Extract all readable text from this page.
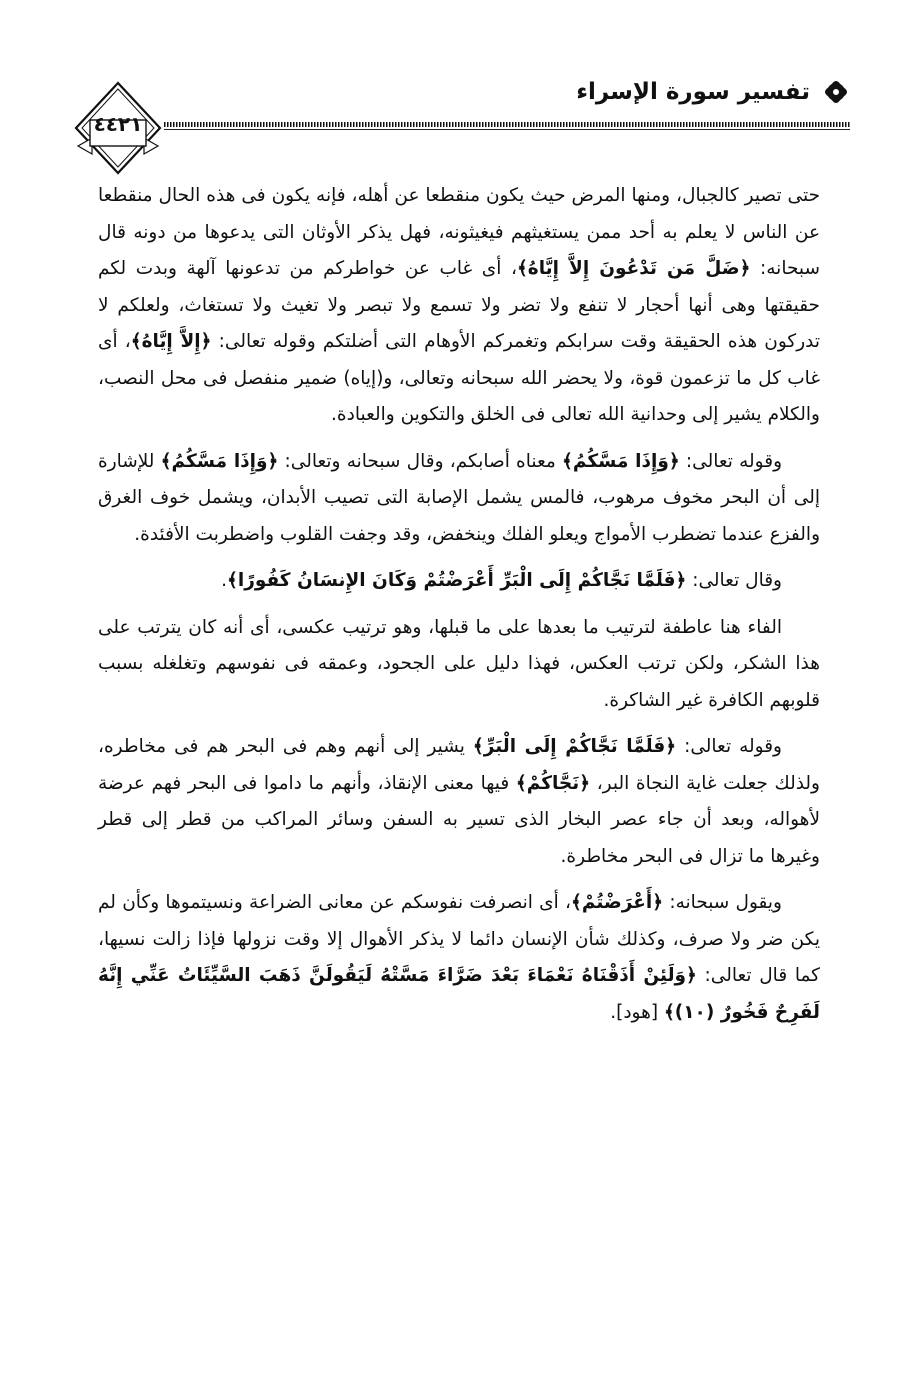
تفسير سورة الإسراء
٤٤٢١

حتى تصير كالجبال، ومنها المرض حيث يكون منقطعا عن أهله، فإنه يكون فى هذه الحال منقطعا عن الناس لا يعلم به أحد ممن يستغيثهم فيغيثونه، فهل يذكر الأوثان التى يدعوها من دونه قال سبحانه: ﴿ضَلَّ مَن تَدْعُونَ إِلاَّ إِيَّاهُ﴾، أى غاب عن خواطركم من تدعونها آلهة وبدت لكم حقيقتها وهى أنها أحجار لا تنفع ولا تضر ولا تسمع ولا تبصر ولا تغيث ولا تستغاث، ولعلكم لا تدركون هذه الحقيقة وقت سرابكم وتغمركم الأوهام التى أضلتكم وقوله تعالى: ﴿إِلاَّ إِيَّاهُ﴾، أى غاب كل ما تزعمون قوة، ولا يحضر الله سبحانه وتعالى، و(إياه) ضمير منفصل فى محل النصب، والكلام يشير إلى وحدانية الله تعالى فى الخلق والتكوين والعبادة.

وقوله تعالى: ﴿وَإِذَا مَسَّكُمُ﴾ معناه أصابكم، وقال سبحانه وتعالى: ﴿وَإِذَا مَسَّكُمُ﴾ للإشارة إلى أن البحر مخوف مرهوب، فالمس يشمل الإصابة التى تصيب الأبدان، ويشمل خوف الغرق والفزع عندما تضطرب الأمواج ويعلو الفلك وينخفض، وقد وجفت القلوب واضطربت الأفئدة.

وقال تعالى: ﴿فَلَمَّا نَجَّاكُمْ إِلَى الْبَرِّ أَعْرَضْتُمْ وَكَانَ الإِنسَانُ كَفُورًا﴾.

الفاء هنا عاطفة لترتيب ما بعدها على ما قبلها، وهو ترتيب عكسى، أى أنه كان يترتب على هذا الشكر، ولكن ترتب العكس، فهذا دليل على الجحود، وعمقه فى نفوسهم وتغلغله بسبب قلوبهم الكافرة غير الشاكرة.

وقوله تعالى: ﴿فَلَمَّا نَجَّاكُمْ إِلَى الْبَرِّ﴾ يشير إلى أنهم وهم فى البحر هم فى مخاطره، ولذلك جعلت غاية النجاة البر، ﴿نَجَّاكُمْ﴾ فيها معنى الإنقاذ، وأنهم ما داموا فى البحر فهم عرضة لأهواله، وبعد أن جاء عصر البخار الذى تسير به السفن وسائر المراكب من قطر إلى قطر وغيرها ما تزال فى البحر مخاطرة.

ويقول سبحانه: ﴿أَعْرَضْتُمْ﴾، أى انصرفت نفوسكم عن معانى الضراعة ونسيتموها وكأن لم يكن ضر ولا صرف، وكذلك شأن الإنسان دائما لا يذكر الأهوال إلا وقت نزولها فإذا زالت نسيها، كما قال تعالى: ﴿وَلَئِنْ أَذَقْنَاهُ نَعْمَاءَ بَعْدَ ضَرَّاءَ مَسَّتْهُ لَيَقُولَنَّ ذَهَبَ السَّيِّئَاتُ عَنِّي إِنَّهُ لَفَرِحٌ فَخُورٌ (١٠)﴾ [هود].
